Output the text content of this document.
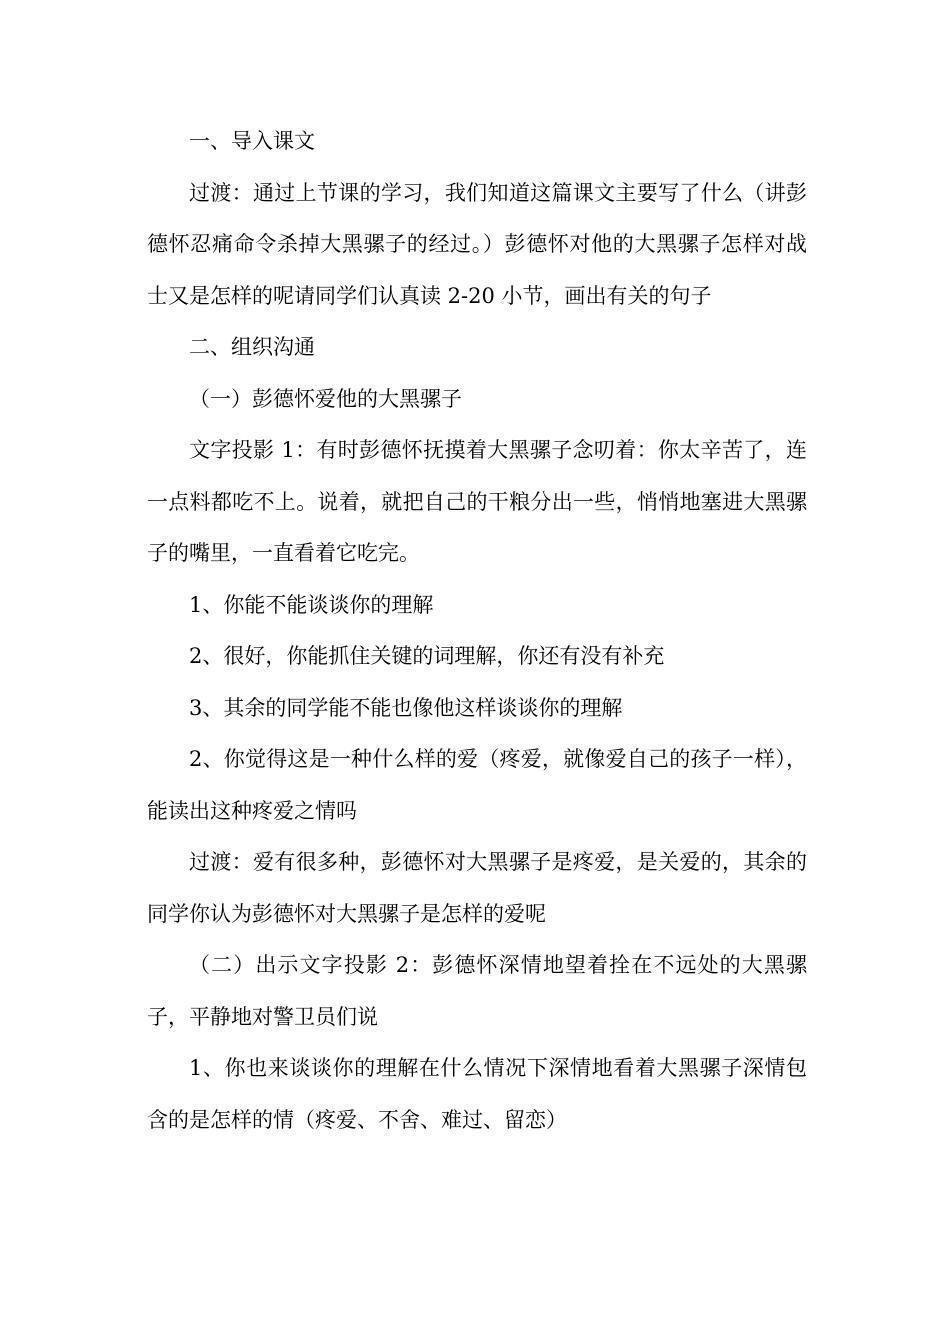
一、导入课文

过渡：通过上节课的学习，我们知道这篇课文主要写了什么（讲彭德怀忍痛命令杀掉大黑骡子的经过。）彭德怀对他的大黑骡子怎样对战士又是怎样的呢请同学们认真读 2-20 小节，画出有关的句子

二、组织沟通

（一）彭德怀爱他的大黑骡子

文字投影 1：有时彭德怀抚摸着大黑骡子念叨着：你太辛苦了，连一点料都吃不上。说着，就把自己的干粮分出一些，悄悄地塞进大黑骡子的嘴里，一直看着它吃完。

1、你能不能谈谈你的理解

2、很好，你能抓住关键的词理解，你还有没有补充

3、其余的同学能不能也像他这样谈谈你的理解

2、你觉得这是一种什么样的爱（疼爱，就像爱自己的孩子一样），能读出这种疼爱之情吗

过渡：爱有很多种，彭德怀对大黑骡子是疼爱，是关爱的，其余的同学你认为彭德怀对大黑骡子是怎样的爱呢

（二）出示文字投影 2：彭德怀深情地望着拴在不远处的大黑骡子，平静地对警卫员们说

1、你也来谈谈你的理解在什么情况下深情地看着大黑骡子深情包含的是怎样的情（疼爱、不舍、难过、留恋）
